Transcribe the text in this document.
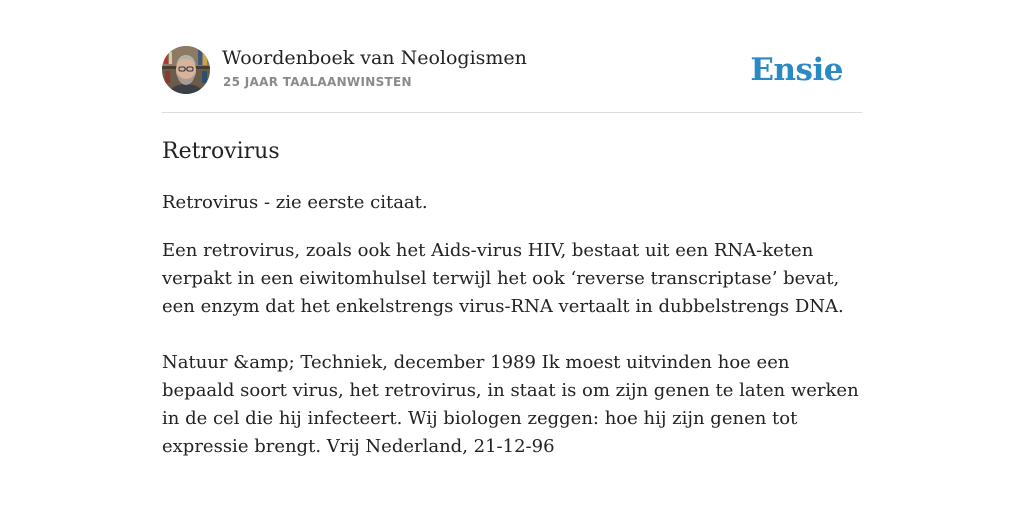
Woordenboek van Neologismen
25 JAAR TAALAANWINSTEN	Ensie
Retrovirus
Retrovirus - zie eerste citaat.

Een retrovirus, zoals ook het Aids-virus HIV, bestaat uit een RNA-keten verpakt in een eiwitomhulsel terwijl het ook ‘reverse transcriptase’ bevat, een enzym dat het enkelstrengs virus-RNA vertaalt in dubbelstrengs DNA.

Natuur &amp; Techniek, december 1989 Ik moest uitvinden hoe een bepaald soort virus, het retrovirus, in staat is om zijn genen te laten werken in de cel die hij infecteert. Wij biologen zeggen: hoe hij zijn genen tot expressie brengt. Vrij Nederland, 21-12-96
